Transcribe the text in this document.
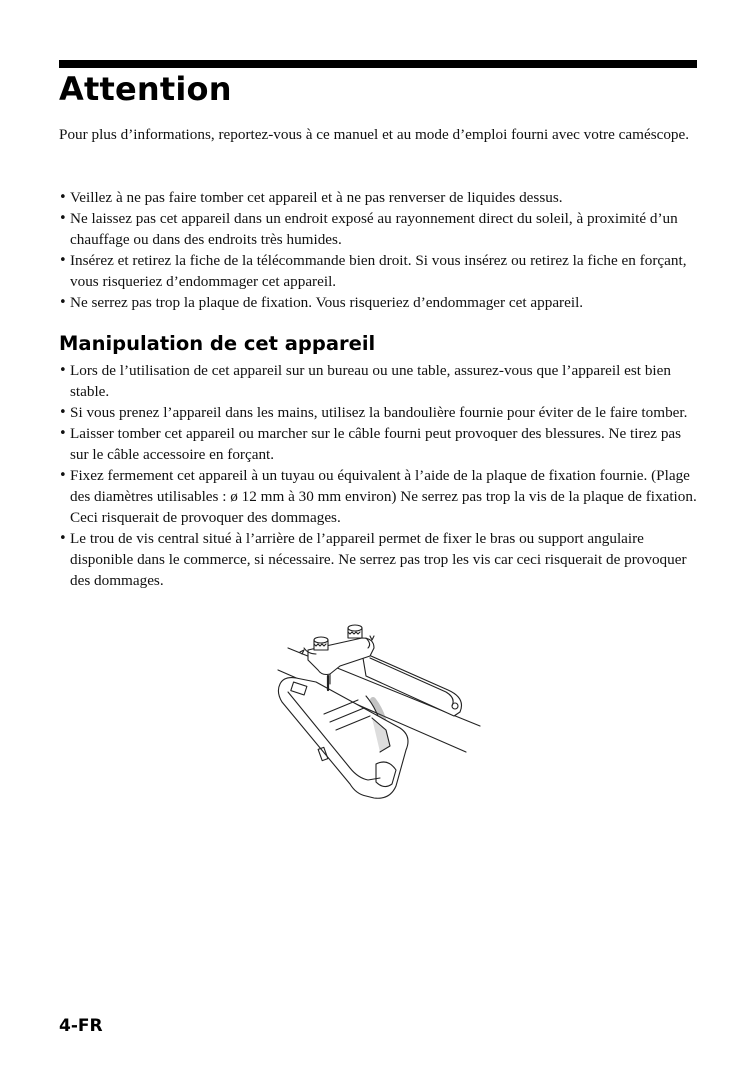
Attention

Pour plus d’informations, reportez-vous à ce manuel et au mode d’emploi fourni avec votre caméscope.

• Veillez à ne pas faire tomber cet appareil et à ne pas renverser de liquides dessus.
• Ne laissez pas cet appareil dans un endroit exposé au rayonnement direct du soleil, à proximité d’un chauffage ou dans des endroits très humides.
• Insérez et retirez la fiche de la télécommande bien droit. Si vous insérez ou retirez la fiche en forçant, vous risqueriez d’endommager cet appareil.
• Ne serrez pas trop la plaque de fixation. Vous risqueriez d’endommager cet appareil.
Manipulation de cet appareil
• Lors de l’utilisation de cet appareil sur un bureau ou une table, assurez-vous que l’appareil est bien stable.
• Si vous prenez l’appareil dans les mains, utilisez la bandoulière fournie pour éviter de le faire tomber.
• Laisser tomber cet appareil ou marcher sur le câble fourni peut provoquer des blessures. Ne tirez pas sur le câble accessoire en forçant.
• Fixez fermement cet appareil à un tuyau ou équivalent à l’aide de la plaque de fixation fournie. (Plage des diamètres utilisables : ø 12 mm à 30 mm environ) Ne serrez pas trop la vis de la plaque de fixation. Ceci risquerait de provoquer des dommages.
• Le trou de vis central situé à l’arrière de l’appareil permet de fixer le bras ou support angulaire disponible dans le commerce, si nécessaire. Ne serrez pas trop les vis car ceci risquerait de provoquer des dommages.

4-FR
